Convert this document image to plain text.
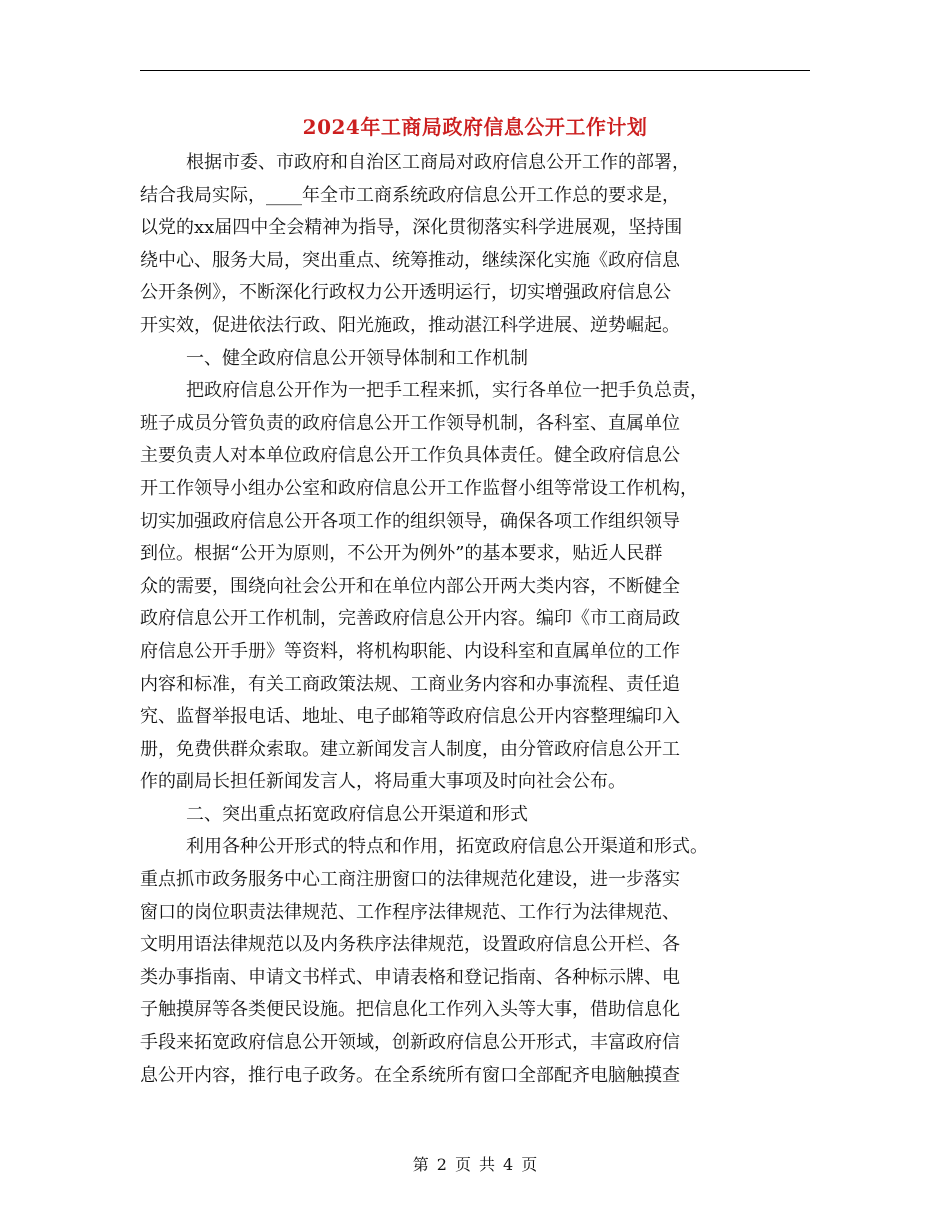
2024年工商局政府信息公开工作计划
根据市委、市政府和自治区工商局对政府信息公开工作的部署，
结合我局实际，____年全市工商系统政府信息公开工作总的要求是，
以党的xx届四中全会精神为指导，深化贯彻落实科学进展观，坚持围
绕中心、服务大局，突出重点、统筹推动，继续深化实施《政府信息
公开条例》，不断深化行政权力公开透明运行，切实增强政府信息公
开实效，促进依法行政、阳光施政，推动湛江科学进展、逆势崛起。
一、健全政府信息公开领导体制和工作机制
把政府信息公开作为一把手工程来抓，实行各单位一把手负总责，
班子成员分管负责的政府信息公开工作领导机制，各科室、直属单位
主要负责人对本单位政府信息公开工作负具体责任。健全政府信息公
开工作领导小组办公室和政府信息公开工作监督小组等常设工作机构，
切实加强政府信息公开各项工作的组织领导，确保各项工作组织领导
到位。根据“公开为原则，不公开为例外”的基本要求，贴近人民群
众的需要，围绕向社会公开和在单位内部公开两大类内容，不断健全
政府信息公开工作机制，完善政府信息公开内容。编印《市工商局政
府信息公开手册》等资料，将机构职能、内设科室和直属单位的工作
内容和标准，有关工商政策法规、工商业务内容和办事流程、责任追
究、监督举报电话、地址、电子邮箱等政府信息公开内容整理编印入
册，免费供群众索取。建立新闻发言人制度，由分管政府信息公开工
作的副局长担任新闻发言人，将局重大事项及时向社会公布。
二、突出重点拓宽政府信息公开渠道和形式
利用各种公开形式的特点和作用，拓宽政府信息公开渠道和形式。
重点抓市政务服务中心工商注册窗口的法律规范化建设，进一步落实
窗口的岗位职责法律规范、工作程序法律规范、工作行为法律规范、
文明用语法律规范以及内务秩序法律规范，设置政府信息公开栏、各
类办事指南、申请文书样式、申请表格和登记指南、各种标示牌、电
子触摸屏等各类便民设施。把信息化工作列入头等大事，借助信息化
手段来拓宽政府信息公开领域，创新政府信息公开形式，丰富政府信
息公开内容，推行电子政务。在全系统所有窗口全部配齐电脑触摸查
第 2 页 共 4 页
